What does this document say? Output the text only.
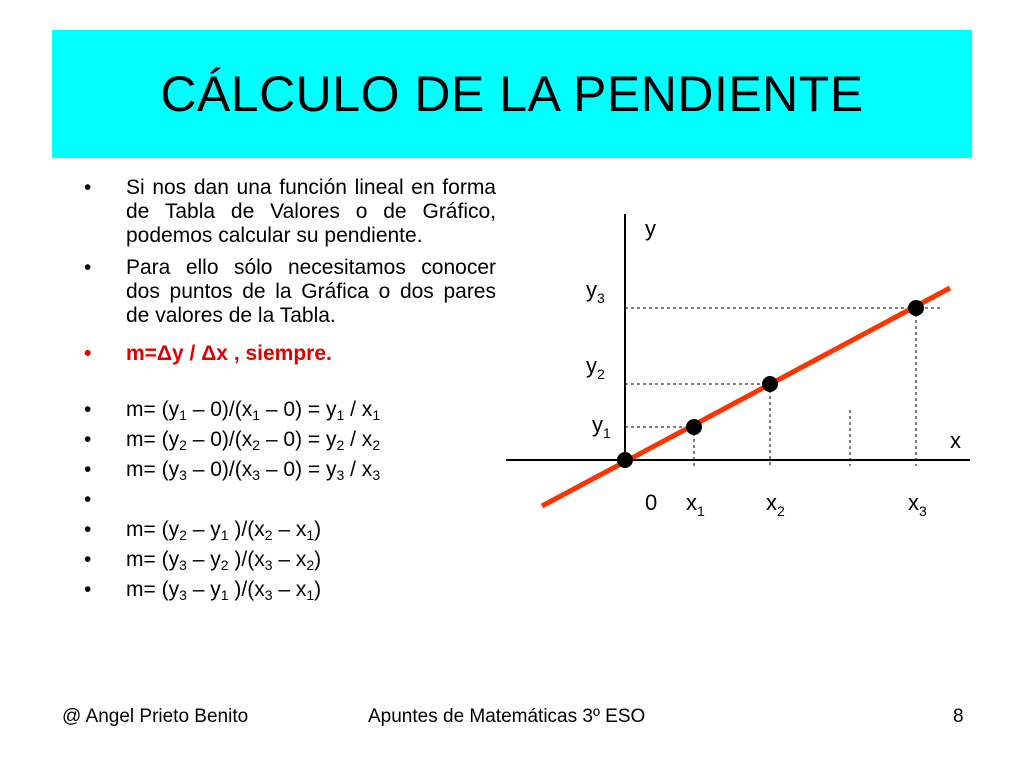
CÁLCULO DE LA PENDIENTE
• Si nos dan una función lineal en forma de Tabla de Valores o de Gráfico, podemos calcular su pendiente.
• Para ello sólo necesitamos conocer dos puntos de la Gráfica o dos pares de valores de la Tabla.
• m=Δy / Δx , siempre.
• $m= (y_1 - 0)/(x_1 - 0) = y_1 / x_1$
• $m= (y_2 - 0)/(x_2 - 0) = y_2 / x_2$
• $m= (y_3 - 0)/(x_3 - 0) = y_3 / x_3$
•
• $m= (y_2 - y_1$ )$/(x_2 - x_1)$
• $m= (y_3 - y_2$ )$/(x_3 - x_2)$
• $m= (y_3 - y_1$ )$/(x_3 - x_1)$
y
x
0
$y_3$
$y_2$
$y_1$
$x_1$	$x_2$	$x_3$
@ Angel Prieto Benito	Apuntes de Matemáticas 3º ESO	8
